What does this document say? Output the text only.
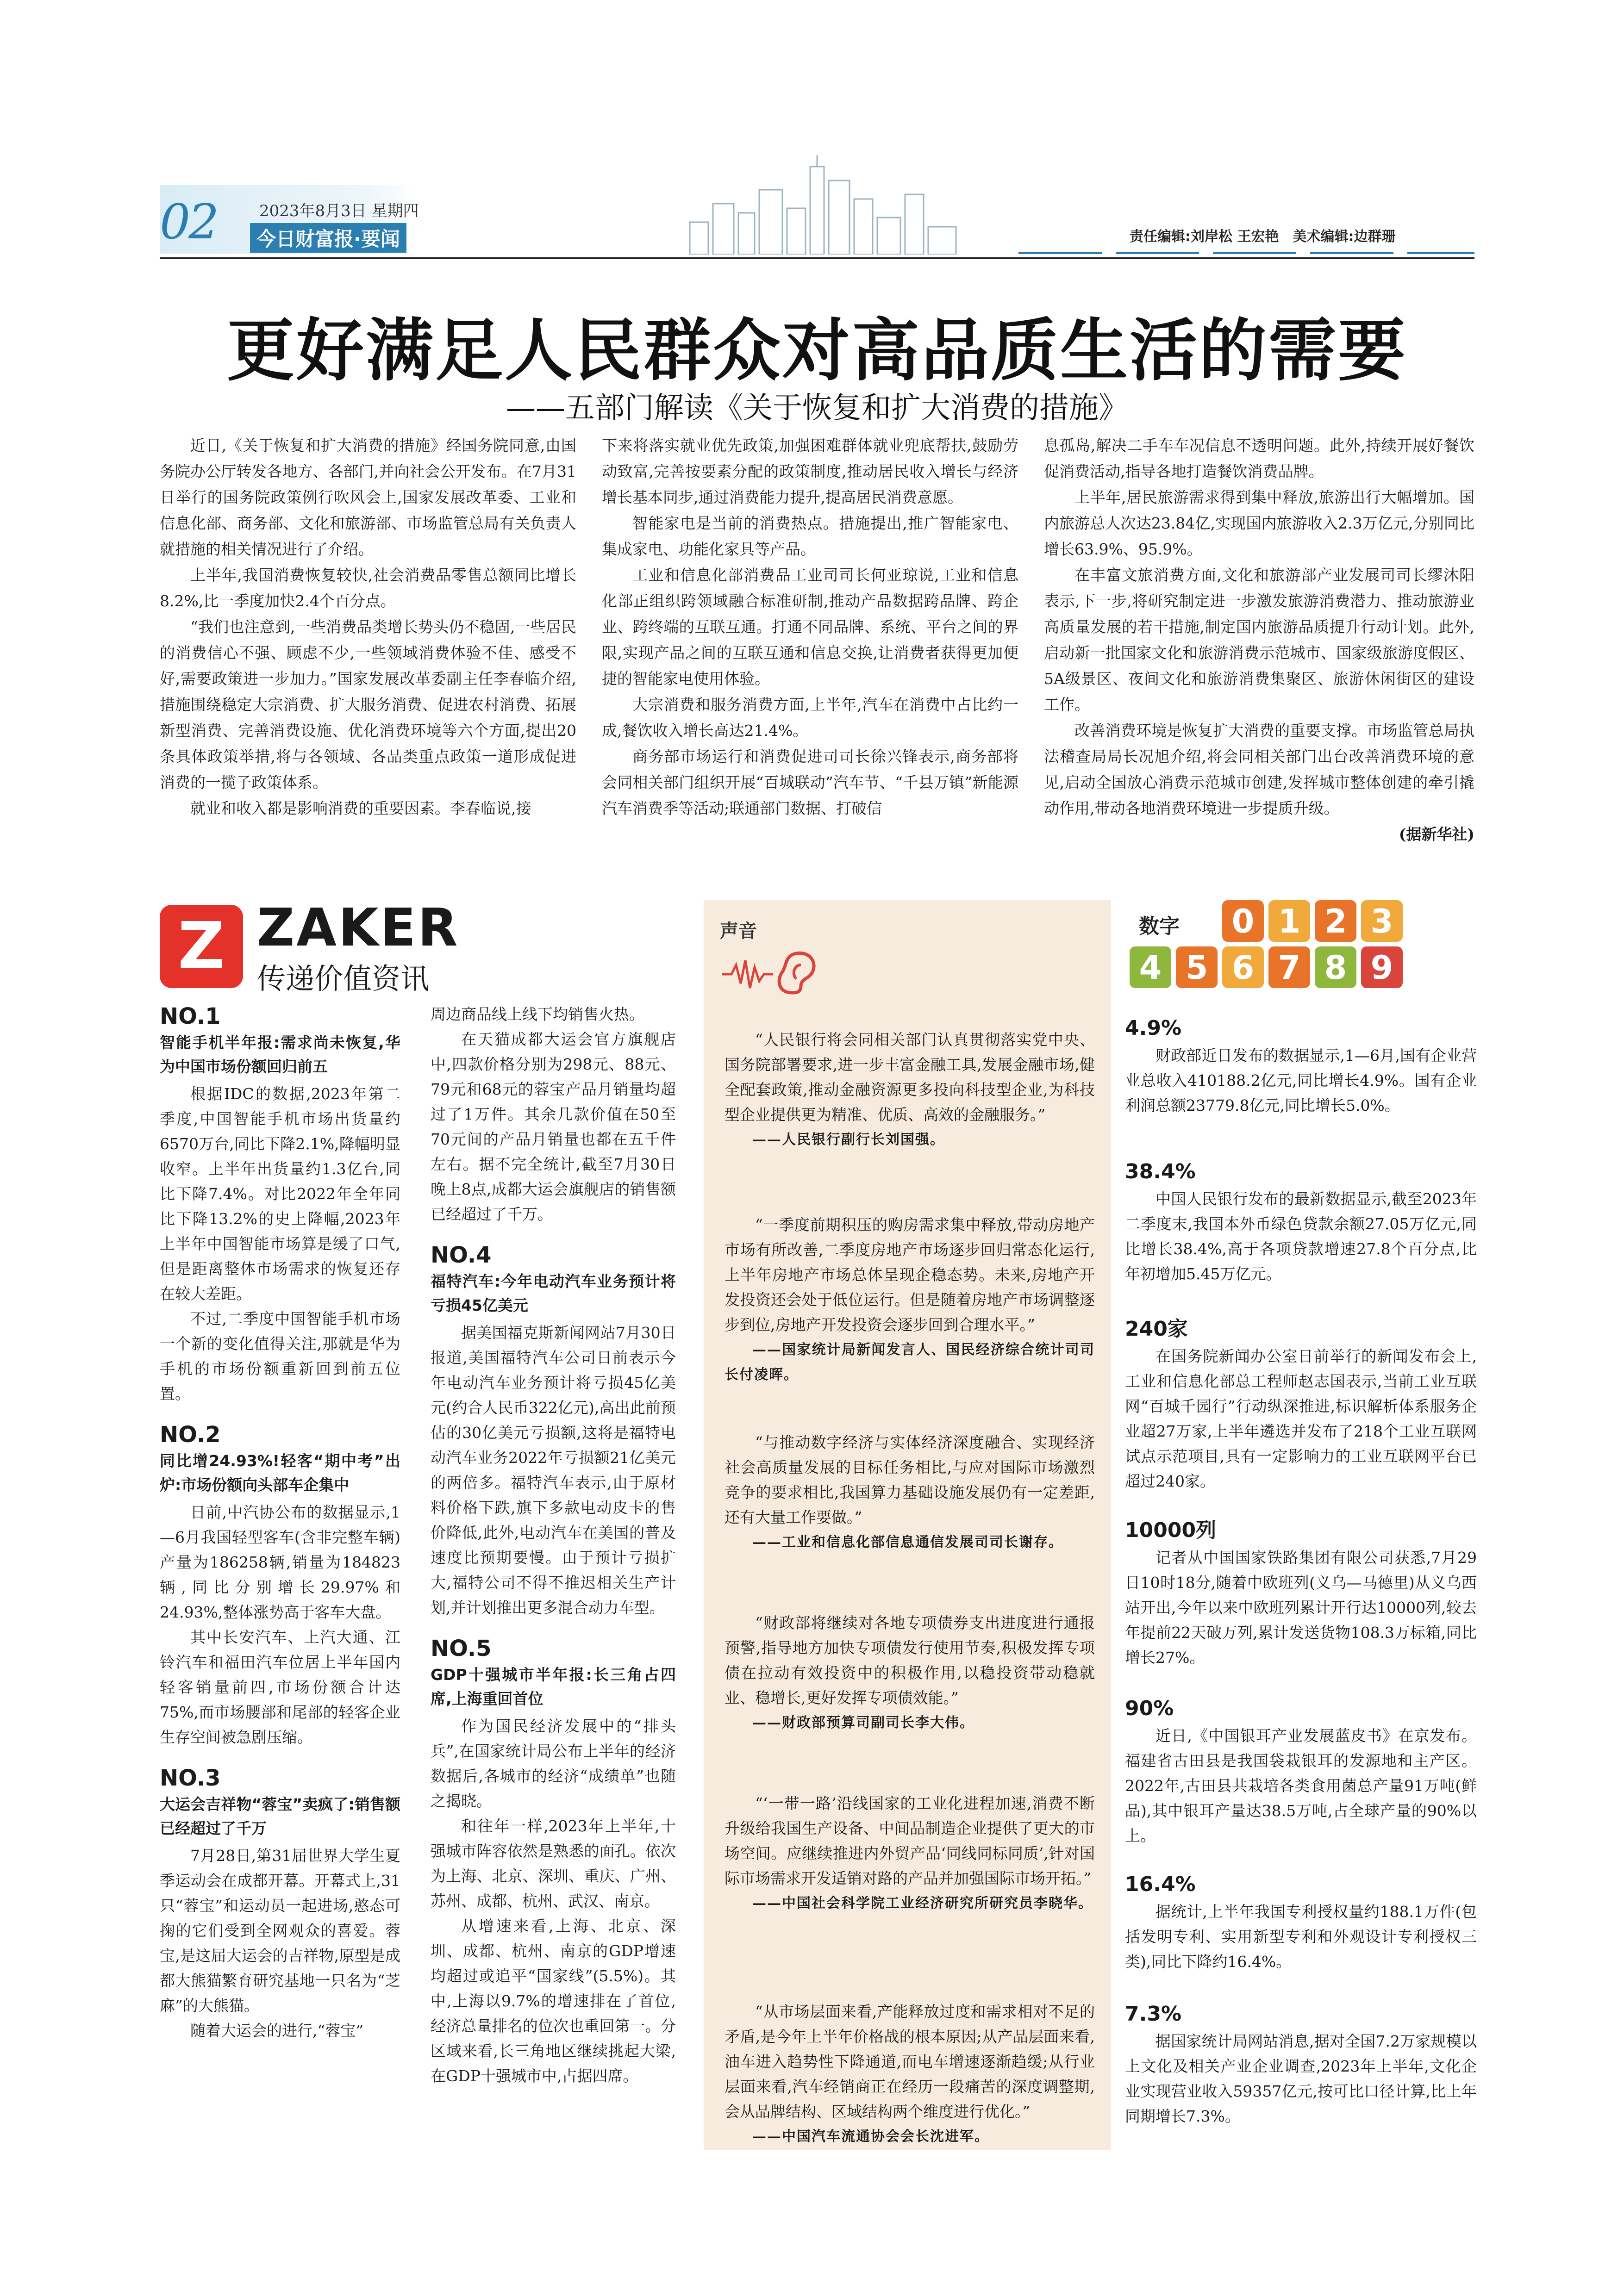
02	2023年8月3日 星期四
今日财富报·要闻	责任编辑:刘岸松 王宏艳　美术编辑:边群珊
更好满足人民群众对高品质生活的需要
——五部门解读《关于恢复和扩大消费的措施》

近日,《关于恢复和扩大消费的措施》经国务院同意,由国务院办公厅转发各地方、各部门,并向社会公开发布。在7月31日举行的国务院政策例行吹风会上,国家发展改革委、工业和信息化部、商务部、文化和旅游部、市场监管总局有关负责人就措施的相关情况进行了介绍。

上半年,我国消费恢复较快,社会消费品零售总额同比增长8.2%,比一季度加快2.4个百分点。

“我们也注意到,一些消费品类增长势头仍不稳固,一些居民的消费信心不强、顾虑不少,一些领域消费体验不佳、感受不好,需要政策进一步加力。”国家发展改革委副主任李春临介绍,措施围绕稳定大宗消费、扩大服务消费、促进农村消费、拓展新型消费、完善消费设施、优化消费环境等六个方面,提出20条具体政策举措,将与各领域、各品类重点政策一道形成促进消费的一揽子政策体系。

就业和收入都是影响消费的重要因素。李春临说,接

下来将落实就业优先政策,加强困难群体就业兜底帮扶,鼓励劳动致富,完善按要素分配的政策制度,推动居民收入增长与经济增长基本同步,通过消费能力提升,提高居民消费意愿。

智能家电是当前的消费热点。措施提出,推广智能家电、集成家电、功能化家具等产品。

工业和信息化部消费品工业司司长何亚琼说,工业和信息化部正组织跨领域融合标准研制,推动产品数据跨品牌、跨企业、跨终端的互联互通。打通不同品牌、系统、平台之间的界限,实现产品之间的互联互通和信息交换,让消费者获得更加便捷的智能家电使用体验。

大宗消费和服务消费方面,上半年,汽车在消费中占比约一成,餐饮收入增长高达21.4%。

商务部市场运行和消费促进司司长徐兴锋表示,商务部将会同相关部门组织开展“百城联动”汽车节、“千县万镇”新能源汽车消费季等活动;联通部门数据、打破信

息孤岛,解决二手车车况信息不透明问题。此外,持续开展好餐饮促消费活动,指导各地打造餐饮消费品牌。

上半年,居民旅游需求得到集中释放,旅游出行大幅增加。国内旅游总人次达23.84亿,实现国内旅游收入2.3万亿元,分别同比增长63.9%、95.9%。

在丰富文旅消费方面,文化和旅游部产业发展司司长缪沐阳表示,下一步,将研究制定进一步激发旅游消费潜力、推动旅游业高质量发展的若干措施,制定国内旅游品质提升行动计划。此外,启动新一批国家文化和旅游消费示范城市、国家级旅游度假区、5A级景区、夜间文化和旅游消费集聚区、旅游休闲街区的建设工作。

改善消费环境是恢复扩大消费的重要支撑。市场监管总局执法稽查局局长况旭介绍,将会同相关部门出台改善消费环境的意见,启动全国放心消费示范城市创建,发挥城市整体创建的牵引撬动作用,带动各地消费环境进一步提质升级。

(据新华社)

Z ZAKER
传递价值资讯
NO.1
智能手机半年报:需求尚未恢复,华为中国市场份额回归前五

根据IDC的数据,2023年第二季度,中国智能手机市场出货量约6570万台,同比下降2.1%,降幅明显收窄。上半年出货量约1.3亿台,同比下降7.4%。对比2022年全年同比下降13.2%的史上降幅,2023年上半年中国智能市场算是缓了口气,但是距离整体市场需求的恢复还存在较大差距。

不过,二季度中国智能手机市场一个新的变化值得关注,那就是华为手机的市场份额重新回到前五位置。

NO.2
同比增24.93%!轻客“期中考”出炉:市场份额向头部车企集中

日前,中汽协公布的数据显示,1—6月我国轻型客车(含非完整车辆)产量为186258辆,销量为184823辆,同比分别增长29.97%和24.93%,整体涨势高于客车大盘。

其中长安汽车、上汽大通、江铃汽车和福田汽车位居上半年国内轻客销量前四,市场份额合计达75%,而市场腰部和尾部的轻客企业生存空间被急剧压缩。

NO.3
大运会吉祥物“蓉宝”卖疯了:销售额已经超过了千万

7月28日,第31届世界大学生夏季运动会在成都开幕。开幕式上,31只“蓉宝”和运动员一起进场,憨态可掬的它们受到全网观众的喜爱。蓉宝,是这届大运会的吉祥物,原型是成都大熊猫繁育研究基地一只名为“芝麻”的大熊猫。

随着大运会的进行,“蓉宝”

周边商品线上线下均销售火热。

在天猫成都大运会官方旗舰店中,四款价格分别为298元、88元、79元和68元的蓉宝产品月销量均超过了1万件。其余几款价值在50至70元间的产品月销量也都在五千件左右。据不完全统计,截至7月30日晚上8点,成都大运会旗舰店的销售额已经超过了千万。

NO.4
福特汽车:今年电动汽车业务预计将亏损45亿美元

据美国福克斯新闻网站7月30日报道,美国福特汽车公司日前表示今年电动汽车业务预计将亏损45亿美元(约合人民币322亿元),高出此前预估的30亿美元亏损额,这将是福特电动汽车业务2022年亏损额21亿美元的两倍多。福特汽车表示,由于原材料价格下跌,旗下多款电动皮卡的售价降低,此外,电动汽车在美国的普及速度比预期要慢。由于预计亏损扩大,福特公司不得不推迟相关生产计划,并计划推出更多混合动力车型。

NO.5
GDP十强城市半年报:长三角占四席,上海重回首位

作为国民经济发展中的“排头兵”,在国家统计局公布上半年的经济数据后,各城市的经济“成绩单”也随之揭晓。

和往年一样,2023年上半年,十强城市阵容依然是熟悉的面孔。依次为上海、北京、深圳、重庆、广州、苏州、成都、杭州、武汉、南京。

从增速来看,上海、北京、深圳、成都、杭州、南京的GDP增速均超过或追平“国家线”(5.5%)。其中,上海以9.7%的增速排在了首位,经济总量排名的位次也重回第一。分区域来看,长三角地区继续挑起大梁,在GDP十强城市中,占据四席。

声音

“人民银行将会同相关部门认真贯彻落实党中央、国务院部署要求,进一步丰富金融工具,发展金融市场,健全配套政策,推动金融资源更多投向科技型企业,为科技型企业提供更为精准、优质、高效的金融服务。”

——人民银行副行长刘国强。

“一季度前期积压的购房需求集中释放,带动房地产市场有所改善,二季度房地产市场逐步回归常态化运行,上半年房地产市场总体呈现企稳态势。未来,房地产开发投资还会处于低位运行。但是随着房地产市场调整逐步到位,房地产开发投资会逐步回到合理水平。”

——国家统计局新闻发言人、国民经济综合统计司司长付凌晖。

“与推动数字经济与实体经济深度融合、实现经济社会高质量发展的目标任务相比,与应对国际市场激烈竞争的要求相比,我国算力基础设施发展仍有一定差距,还有大量工作要做。”

——工业和信息化部信息通信发展司司长谢存。

“财政部将继续对各地专项债券支出进度进行通报预警,指导地方加快专项债发行使用节奏,积极发挥专项债在拉动有效投资中的积极作用,以稳投资带动稳就业、稳增长,更好发挥专项债效能。”

——财政部预算司副司长李大伟。

“‘一带一路’沿线国家的工业化进程加速,消费不断升级给我国生产设备、中间品制造企业提供了更大的市场空间。应继续推进内外贸产品‘同线同标同质’,针对国际市场需求开发适销对路的产品并加强国际市场开拓。”

——中国社会科学院工业经济研究所研究员李晓华。

“从市场层面来看,产能释放过度和需求相对不足的矛盾,是今年上半年价格战的根本原因;从产品层面来看,油车进入趋势性下降通道,而电车增速逐渐趋缓;从行业层面来看,汽车经销商正在经历一段痛苦的深度调整期,会从品牌结构、区域结构两个维度进行优化。”

——中国汽车流通协会会长沈进军。

数字 0 1 2 3
4 5 6 7 8 9
4.9%

财政部近日发布的数据显示,1—6月,国有企业营业总收入410188.2亿元,同比增长4.9%。国有企业利润总额23779.8亿元,同比增长5.0%。

38.4%

中国人民银行发布的最新数据显示,截至2023年二季度末,我国本外币绿色贷款余额27.05万亿元,同比增长38.4%,高于各项贷款增速27.8个百分点,比年初增加5.45万亿元。

240家

在国务院新闻办公室日前举行的新闻发布会上,工业和信息化部总工程师赵志国表示,当前工业互联网“百城千园行”行动纵深推进,标识解析体系服务企业超27万家,上半年遴选并发布了218个工业互联网试点示范项目,具有一定影响力的工业互联网平台已超过240家。

10000列

记者从中国国家铁路集团有限公司获悉,7月29日10时18分,随着中欧班列(义乌—马德里)从义乌西站开出,今年以来中欧班列累计开行达10000列,较去年提前22天破万列,累计发送货物108.3万标箱,同比增长27%。

90%

近日,《中国银耳产业发展蓝皮书》在京发布。福建省古田县是我国袋栽银耳的发源地和主产区。2022年,古田县共栽培各类食用菌总产量91万吨(鲜品),其中银耳产量达38.5万吨,占全球产量的90%以上。

16.4%

据统计,上半年我国专利授权量约188.1万件(包括发明专利、实用新型专利和外观设计专利授权三类),同比下降约16.4%。

7.3%

据国家统计局网站消息,据对全国7.2万家规模以上文化及相关产业企业调查,2023年上半年,文化企业实现营业收入59357亿元,按可比口径计算,比上年同期增长7.3%。
